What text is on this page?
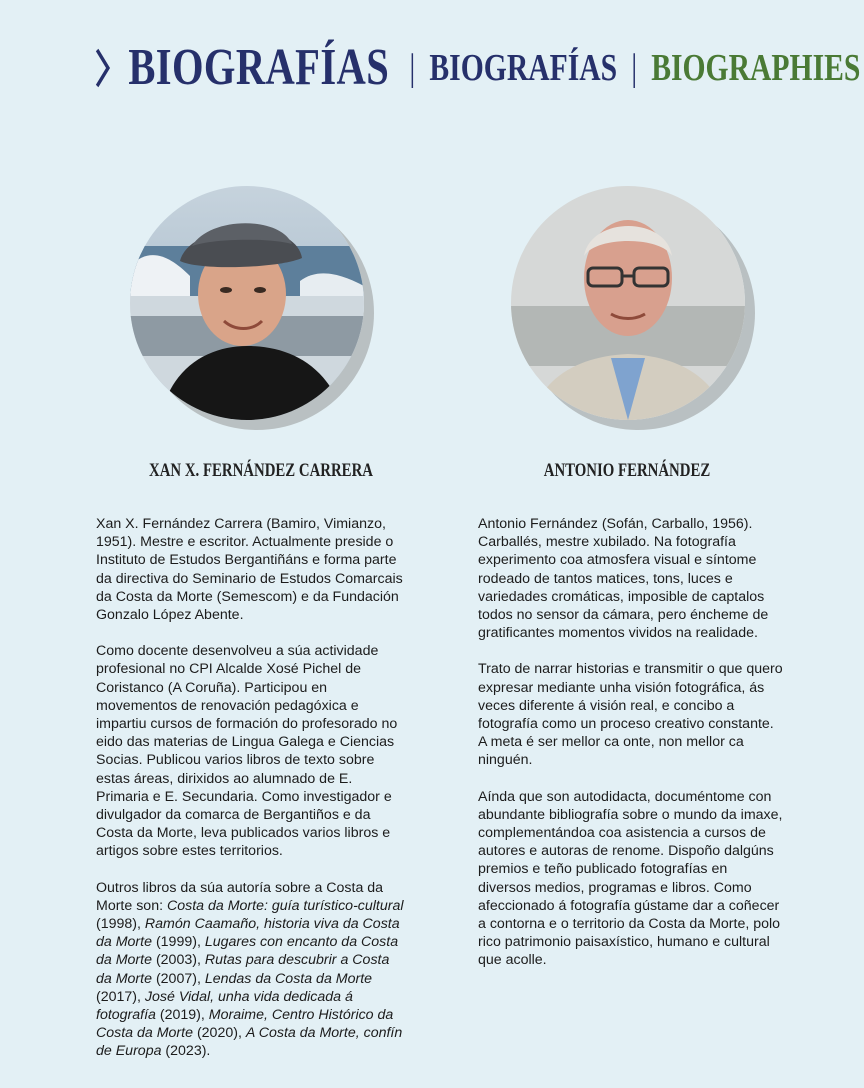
BIOGRAFÍAS | BIOGRAFÍAS | BIOGRAPHIES
XAN X. FERNÁNDEZ CARRERA	ANTONIO FERNÁNDEZ

Xan X. Fernández Carrera (Bamiro, Vimianzo, 1951). Mestre e escritor. Actualmente preside o Instituto de Estudos Bergantiñáns e forma parte da directiva do Seminario de Estudos Comarcais da Costa da Morte (Semescom) e da Fundación Gonzalo López Abente.

Como docente desenvolveu a súa actividade profesional no CPI Alcalde Xosé Pichel de Coristanco (A Coruña). Participou en movementos de renovación pedagóxica e impartiu cursos de formación do profesorado no eido das materias de Lingua Galega e Ciencias Socias. Publicou varios libros de texto sobre estas áreas, dirixidos ao alumnado de E. Primaria e E. Secundaria. Como investigador e divulgador da comarca de Bergantiños e da Costa da Morte, leva publicados varios libros e artigos sobre estes territorios.

Outros libros da súa autoría sobre a Costa da Morte son: Costa da Morte: guía turístico-cultural (1998), Ramón Caamaño, historia viva da Costa da Morte (1999), Lugares con encanto da Costa da Morte (2003), Rutas para descubrir a Costa da Morte (2007), Lendas da Costa da Morte (2017), José Vidal, unha vida dedicada á fotografía (2019), Moraime, Centro Histórico da Costa da Morte (2020), A Costa da Morte, confín de Europa (2023).

Antonio Fernández (Sofán, Carballo, 1956). Carballés, mestre xubilado. Na fotografía experimento coa atmosfera visual e síntome rodeado de tantos matices, tons, luces e variedades cromáticas, imposible de captalos todos no sensor da cámara, pero éncheme de gratificantes momentos vividos na realidade.

Trato de narrar historias e transmitir o que quero expresar mediante unha visión fotográfica, ás veces diferente á visión real, e concibo a fotografía como un proceso creativo constante. A meta é ser mellor ca onte, non mellor ca ninguén.

Aínda que son autodidacta, documéntome con abundante bibliografía sobre o mundo da imaxe, complementándoa coa asistencia a cursos de autores e autoras de renome. Dispoño dalgúns premios e teño publicado fotografías en diversos medios, programas e libros. Como afeccionado á fotografía gústame dar a coñecer a contorna e o territorio da Costa da Morte, polo rico patrimonio paisaxístico, humano e cultural que acolle.
